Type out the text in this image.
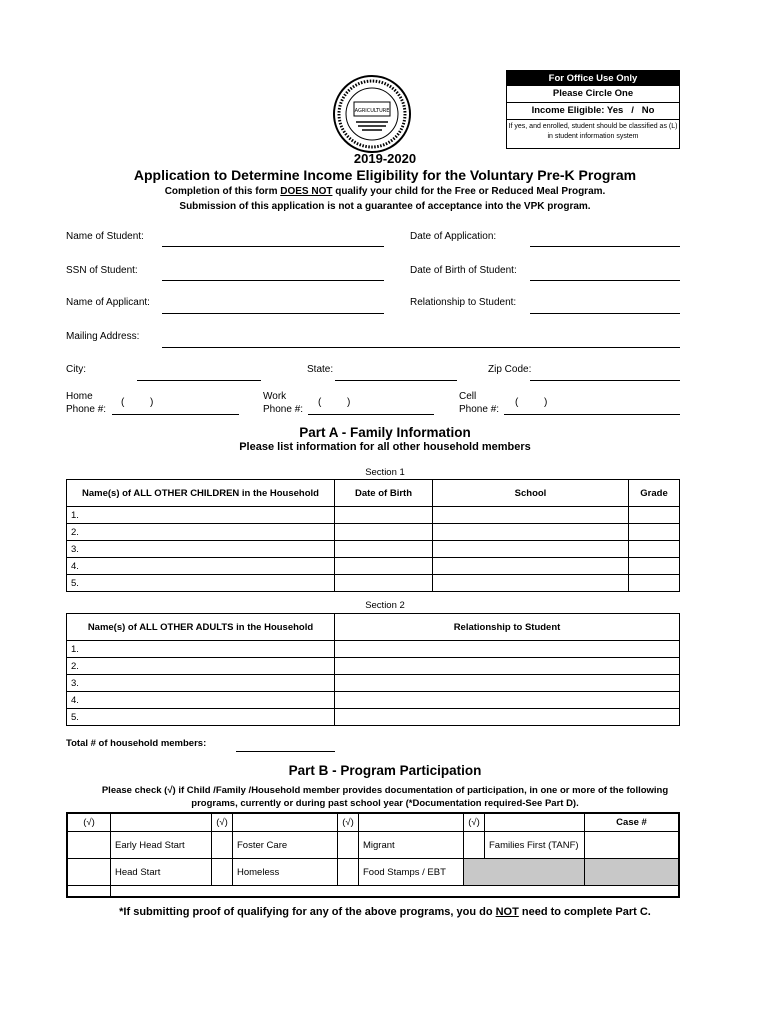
For Office Use Only
Please Circle One
Income Eligible: Yes   /   No
If yes, and enrolled, student should be classified as (L) in student information system
AGRICULTURE
2019-2020
Application to Determine Income Eligibility for the Voluntary Pre-K Program
Completion of this form DOES NOT qualify your child for the Free or Reduced Meal Program.
Submission of this application is not a guarantee of acceptance into the VPK program.
Name of Student:	Date of Application:
SSN of Student:	Date of Birth of Student:
Name of Applicant:	Relationship to Student:
Mailing Address:
City:	State:	Zip Code:
Home
Phone #:
(	)
Work
Phone #:
(	)
Cell
Phone #:
(	)
Part A - Family Information
Please list information for all other household members
Section 1
Name(s) of ALL OTHER CHILDREN in the Household	Date of Birth	School	Grade
1.			
2.			
3.			
4.			
5.			
Section 2
Name(s) of ALL OTHER ADULTS in the Household	Relationship to Student
1.	
2.	
3.	
4.	
5.	
Total # of household members:
Part B - Program Participation
Please check (√) if Child /Family /Household member provides documentation of participation, in one or more of the following
programs, currently or during past school year (*Documentation required-See Part D).
(√)		(√)		(√)		(√)		Case #
	Early Head Start		Foster Care		Migrant		Families First (TANF)	
	Head Start		Homeless		Food Stamps / EBT			

*If submitting proof of qualifying for any of the above programs, you do NOT need to complete Part C.
